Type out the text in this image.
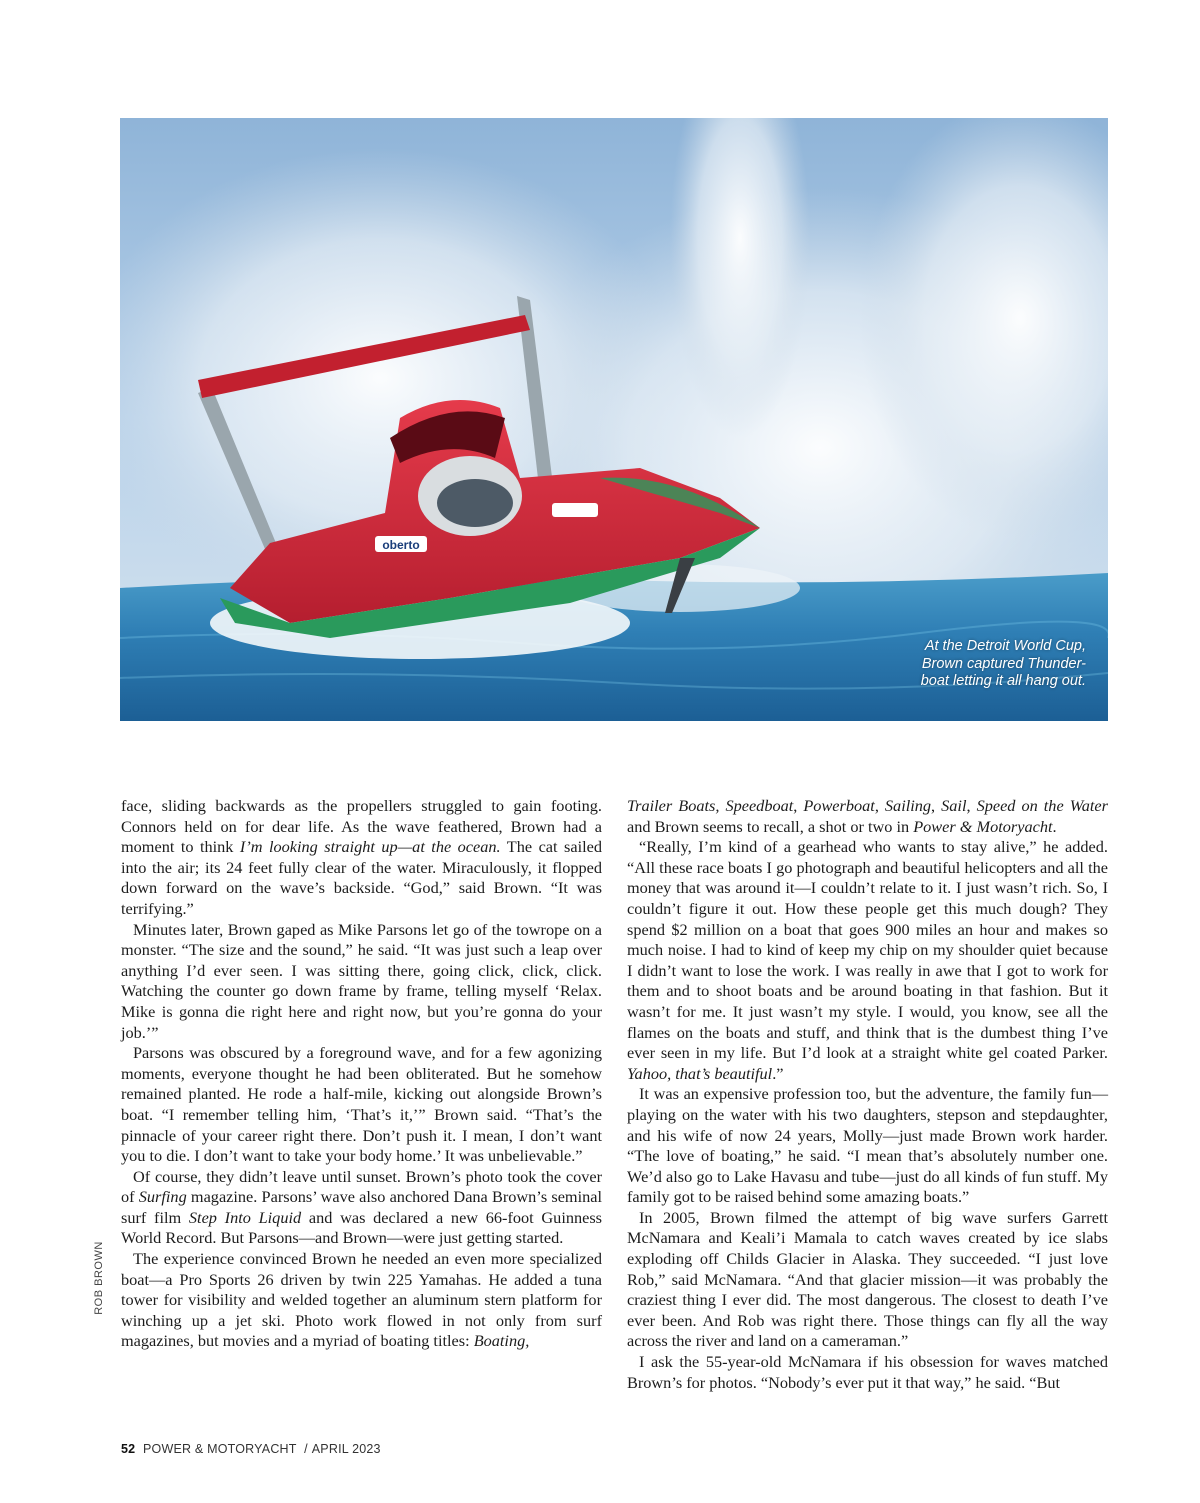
oberto
At the Detroit World Cup,
Brown captured Thunder-
boat letting it all hang out.
ROB BROWN

face, sliding backwards as the propellers struggled to gain footing. Connors held on for dear life. As the wave feathered, Brown had a moment to think I’m looking straight up—at the ocean. The cat sailed into the air; its 24 feet fully clear of the water. Miraculously, it flopped down forward on the wave’s backside. “God,” said Brown. “It was terrifying.”

Minutes later, Brown gaped as Mike Parsons let go of the towrope on a monster. “The size and the sound,” he said. “It was just such a leap over anything I’d ever seen. I was sitting there, going click, click, click. Watching the counter go down frame by frame, telling myself ‘Relax. Mike is gonna die right here and right now, but you’re gonna do your job.’”

Parsons was obscured by a foreground wave, and for a few agonizing moments, everyone thought he had been obliterated. But he somehow remained planted. He rode a half-mile, kicking out alongside Brown’s boat. “I remember telling him, ‘That’s it,’” Brown said. “That’s the pinnacle of your career right there. Don’t push it. I mean, I don’t want you to die. I don’t want to take your body home.’ It was unbelievable.”

Of course, they didn’t leave until sunset. Brown’s photo took the cover of Surfing magazine. Parsons’ wave also anchored Dana Brown’s seminal surf film Step Into Liquid and was declared a new 66-foot Guinness World Record. But Parsons—and Brown—were just getting started.

The experience convinced Brown he needed an even more specialized boat—a Pro Sports 26 driven by twin 225 Yamahas. He added a tuna tower for visibility and welded together an aluminum stern platform for winching up a jet ski. Photo work flowed in not only from surf magazines, but movies and a myriad of boating titles: Boating,

Trailer Boats, Speedboat, Powerboat, Sailing, Sail, Speed on the Water and Brown seems to recall, a shot or two in Power & Motoryacht.

“Really, I’m kind of a gearhead who wants to stay alive,” he added. “All these race boats I go photograph and beautiful helicopters and all the money that was around it—I couldn’t relate to it. I just wasn’t rich. So, I couldn’t figure it out. How these people get this much dough? They spend $2 million on a boat that goes 900 miles an hour and makes so much noise. I had to kind of keep my chip on my shoulder quiet because I didn’t want to lose the work. I was really in awe that I got to work for them and to shoot boats and be around boating in that fashion. But it wasn’t for me. It just wasn’t my style. I would, you know, see all the flames on the boats and stuff, and think that is the dumbest thing I’ve ever seen in my life. But I’d look at a straight white gel coated Parker. Yahoo, that’s beautiful.”

It was an expensive profession too, but the adventure, the family fun—playing on the water with his two daughters, stepson and stepdaughter, and his wife of now 24 years, Molly—just made Brown work harder. “The love of boating,” he said. “I mean that’s absolutely number one. We’d also go to Lake Havasu and tube—just do all kinds of fun stuff. My family got to be raised behind some amazing boats.”

In 2005, Brown filmed the attempt of big wave surfers Garrett McNamara and Keali’i Mamala to catch waves created by ice slabs exploding off Childs Glacier in Alaska. They succeeded. “I just love Rob,” said McNamara. “And that glacier mission—it was probably the craziest thing I ever did. The most dangerous. The closest to death I’ve ever been. And Rob was right there. Those things can fly all the way across the river and land on a cameraman.”

I ask the 55-year-old McNamara if his obsession for waves matched Brown’s for photos. “Nobody’s ever put it that way,” he said. “But

52 POWER & MOTORYACHT / APRIL 2023
